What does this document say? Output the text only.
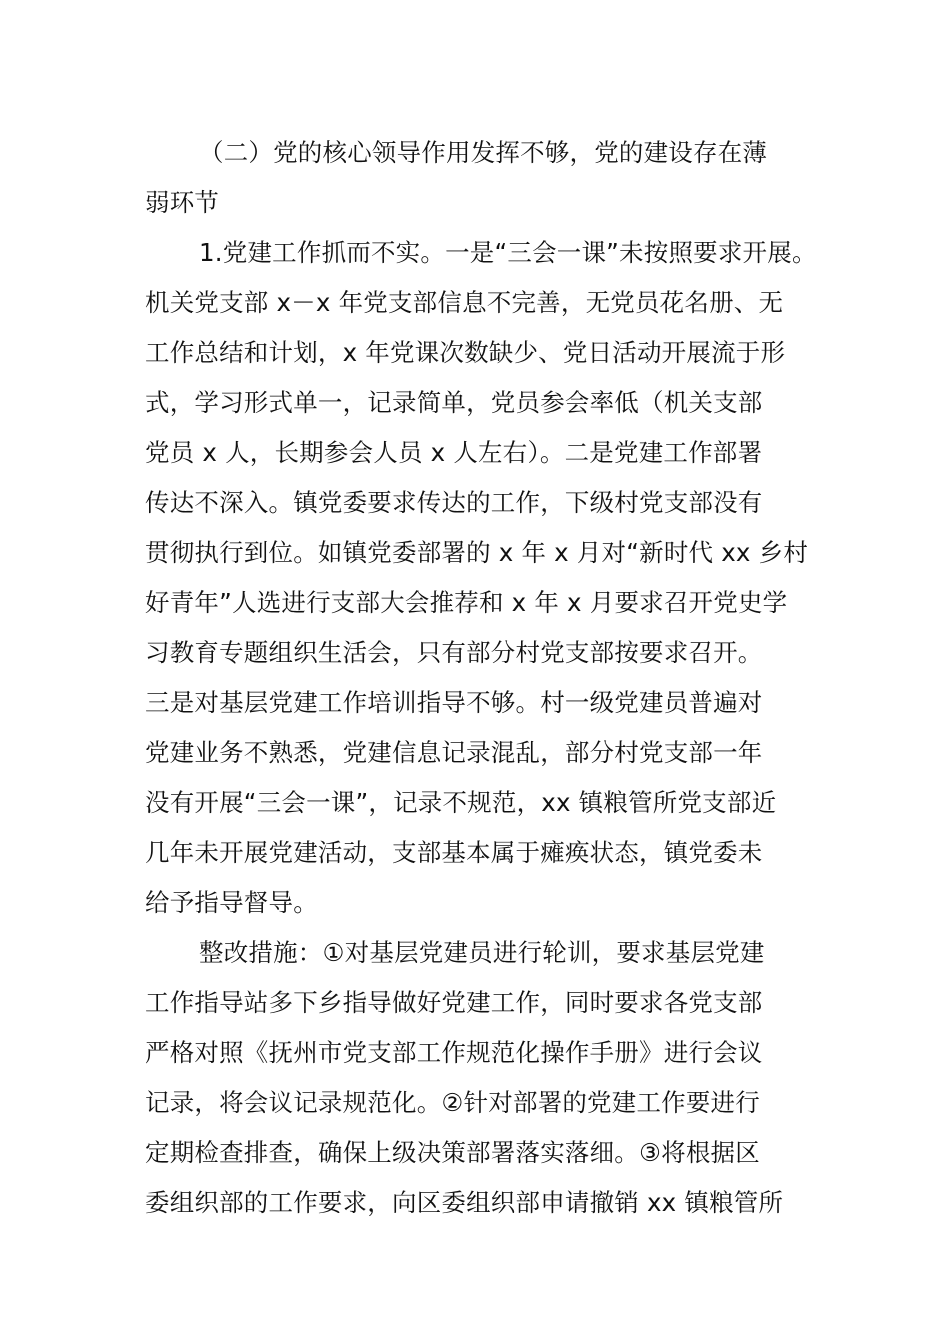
（二）党的核心领导作用发挥不够，党的建设存在薄
弱环节
1.党建工作抓而不实。一是“三会一课”未按照要求开展。
机关党支部 x－x 年党支部信息不完善，无党员花名册、无
工作总结和计划，x 年党课次数缺少、党日活动开展流于形
式，学习形式单一，记录简单，党员参会率低（机关支部
党员 x 人，长期参会人员 x 人左右）。二是党建工作部署
传达不深入。镇党委要求传达的工作，下级村党支部没有
贯彻执行到位。如镇党委部署的 x 年 x 月对“新时代 xx 乡村
好青年”人选进行支部大会推荐和 x 年 x 月要求召开党史学
习教育专题组织生活会，只有部分村党支部按要求召开。
三是对基层党建工作培训指导不够。村一级党建员普遍对
党建业务不熟悉，党建信息记录混乱，部分村党支部一年
没有开展“三会一课”，记录不规范，xx 镇粮管所党支部近
几年未开展党建活动，支部基本属于瘫痪状态，镇党委未
给予指导督导。
整改措施：①对基层党建员进行轮训，要求基层党建
工作指导站多下乡指导做好党建工作，同时要求各党支部
严格对照《抚州市党支部工作规范化操作手册》进行会议
记录，将会议记录规范化。②针对部署的党建工作要进行
定期检查排查，确保上级决策部署落实落细。③将根据区
委组织部的工作要求，向区委组织部申请撤销 xx 镇粮管所
